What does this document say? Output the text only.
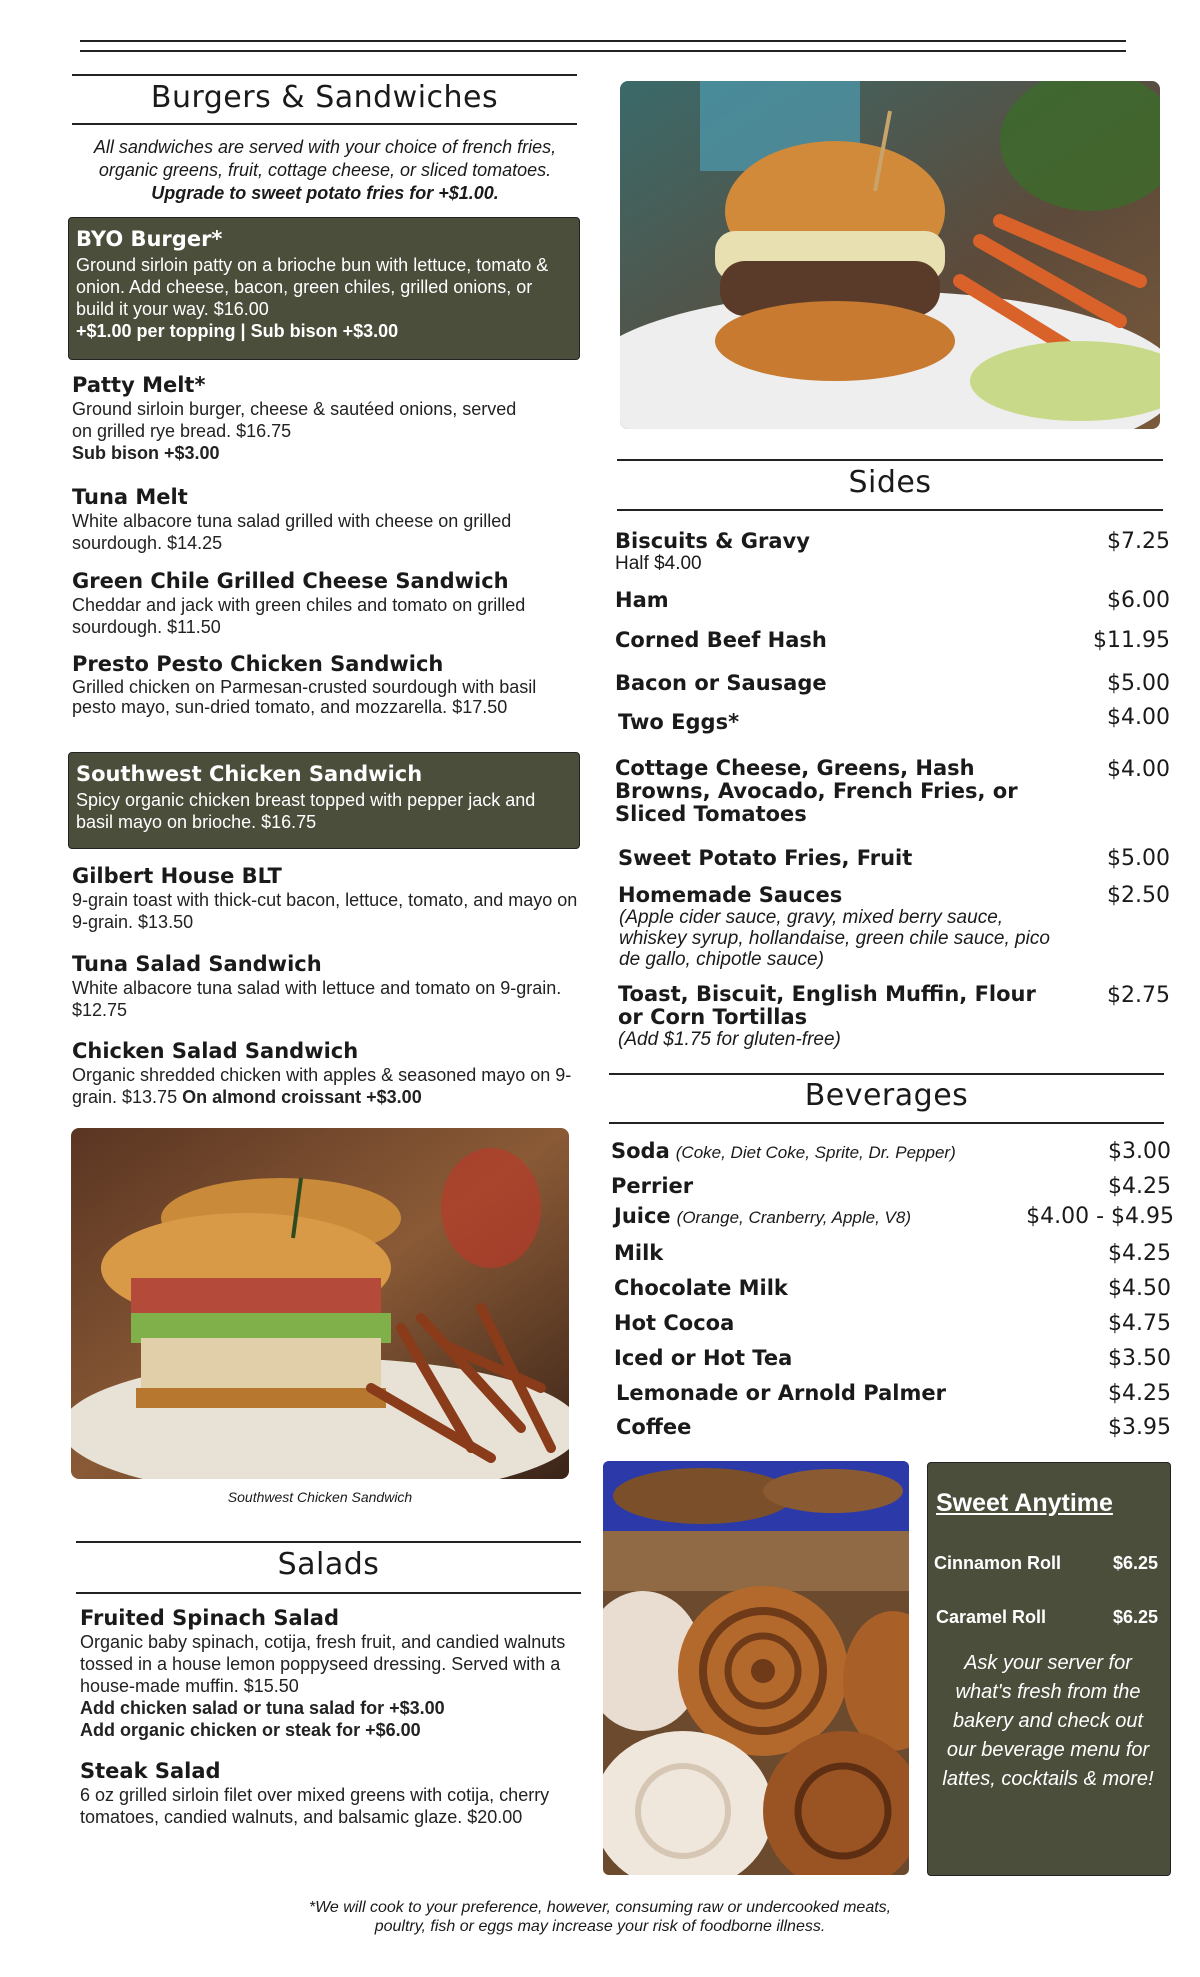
Burgers & Sandwiches
All sandwiches are served with your choice of french fries,
organic greens, fruit, cottage cheese, or sliced tomatoes.
Upgrade to sweet potato fries for +$1.00.
BYO Burger*
Ground sirloin patty on a brioche bun with lettuce, tomato & onion. Add cheese, bacon, green chiles, grilled onions, or build it your way. $16.00
+$1.00 per topping | Sub bison +$3.00
Patty Melt*
Ground sirloin burger, cheese & sautéed onions, served on grilled rye bread. $16.75
Sub bison +$3.00
Tuna Melt
White albacore tuna salad grilled with cheese on grilled sourdough. $14.25
Green Chile Grilled Cheese Sandwich
Cheddar and jack with green chiles and tomato on grilled sourdough. $11.50
Presto Pesto Chicken Sandwich
Grilled chicken on Parmesan-crusted sourdough with basil pesto mayo, sun-dried tomato, and mozzarella. $17.50
Southwest Chicken Sandwich
Spicy organic chicken breast topped with pepper jack and basil mayo on brioche. $16.75
Gilbert House BLT
9-grain toast with thick-cut bacon, lettuce, tomato, and mayo on 9-grain. $13.50
Tuna Salad Sandwich
White albacore tuna salad with lettuce and tomato on 9-grain. $12.75
Chicken Salad Sandwich
Organic shredded chicken with apples & seasoned mayo on 9-grain. $13.75 On almond croissant +$3.00
Southwest Chicken Sandwich
Salads
Fruited Spinach Salad
Organic baby spinach, cotija, fresh fruit, and candied walnuts tossed in a house lemon poppyseed dressing. Served with a house-made muffin. $15.50
Add chicken salad or tuna salad for +$3.00
Add organic chicken or steak for +$6.00
Steak Salad
6 oz grilled sirloin filet over mixed greens with cotija, cherry tomatoes, candied walnuts, and balsamic glaze. $20.00
Sides
Biscuits & Gravy
Half $4.00
$7.25
Ham	$6.00
Corned Beef Hash	$11.95
Bacon or Sausage	$5.00
Two Eggs*	$4.00
Cottage Cheese, Greens, Hash Browns, Avocado, French Fries, or Sliced Tomatoes
$4.00
Sweet Potato Fries, Fruit	$5.00
Homemade Sauces
(Apple cider sauce, gravy, mixed berry sauce, whiskey syrup, hollandaise, green chile sauce, pico de gallo, chipotle sauce)
$2.50
Toast, Biscuit, English Muffin, Flour or Corn Tortillas
(Add $1.75 for gluten-free)
$2.75
Beverages
Soda (Coke, Diet Coke, Sprite, Dr. Pepper)	$3.00
Perrier	$4.25
Juice (Orange, Cranberry, Apple, V8)	$4.00 - $4.95
Milk	$4.25
Chocolate Milk	$4.50
Hot Cocoa	$4.75
Iced or Hot Tea	$3.50
Lemonade or Arnold Palmer	$4.25
Coffee	$3.95
Sweet Anytime
Cinnamon Roll	$6.25
Caramel Roll	$6.25
Ask your server for what's fresh from the bakery and check out our beverage menu for lattes, cocktails & more!
*We will cook to your preference, however, consuming raw or undercooked meats,
poultry, fish or eggs may increase your risk of foodborne illness.
